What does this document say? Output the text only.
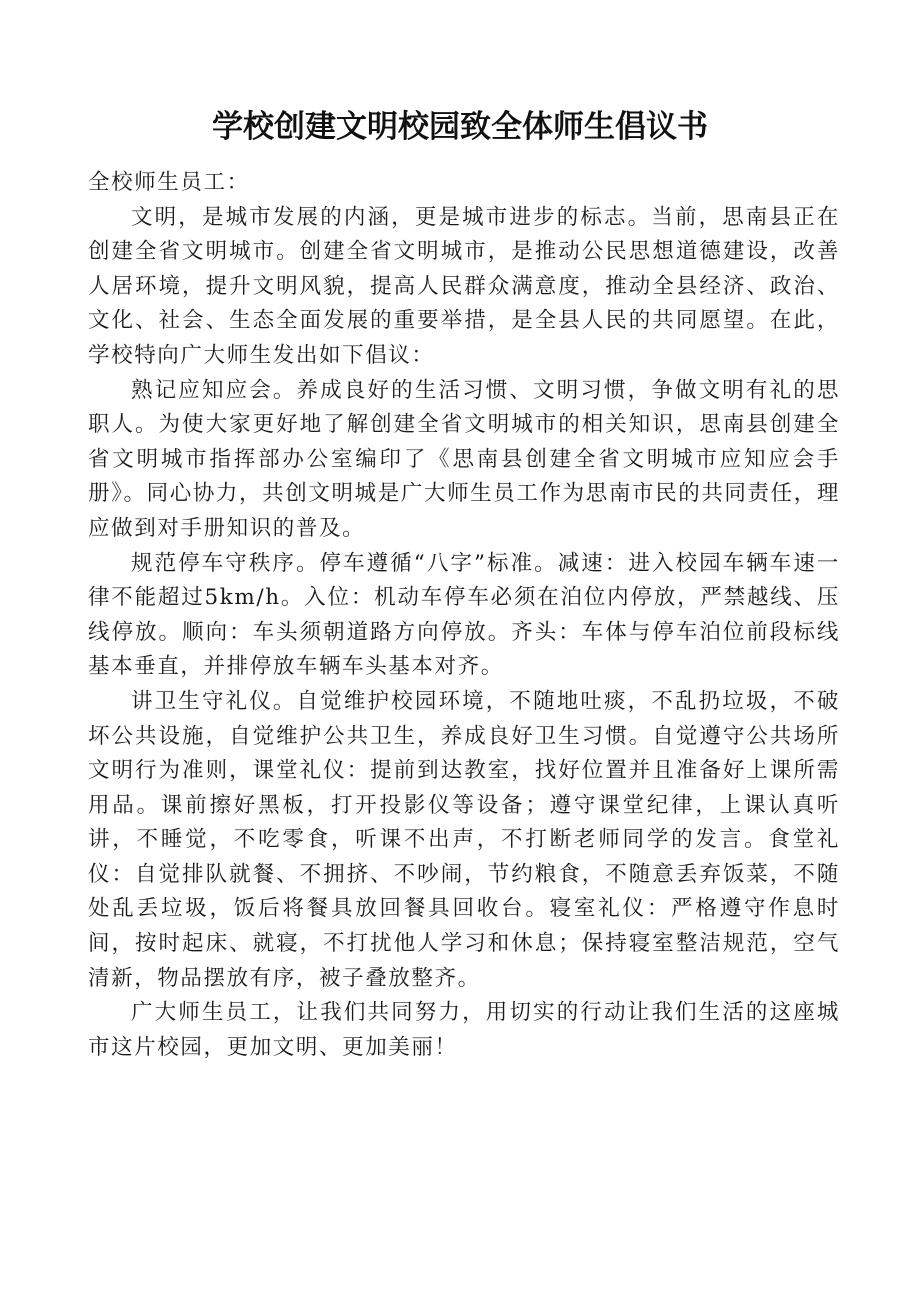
学校创建文明校园致全体师生倡议书

全校师生员工：

文明，是城市发展的内涵，更是城市进步的标志。当前，思南县正在创建全省文明城市。创建全省文明城市，是推动公民思想道德建设，改善人居环境，提升文明风貌，提高人民群众满意度，推动全县经济、政治、文化、社会、生态全面发展的重要举措，是全县人民的共同愿望。在此，学校特向广大师生发出如下倡议：

熟记应知应会。养成良好的生活习惯、文明习惯，争做文明有礼的思职人。为使大家更好地了解创建全省文明城市的相关知识，思南县创建全省文明城市指挥部办公室编印了《思南县创建全省文明城市应知应会手册》。同心协力，共创文明城是广大师生员工作为思南市民的共同责任，理应做到对手册知识的普及。

规范停车守秩序。停车遵循“八字”标准。减速：进入校园车辆车速一律不能超过5km/h。入位：机动车停车必须在泊位内停放，严禁越线、压线停放。顺向：车头须朝道路方向停放。齐头：车体与停车泊位前段标线基本垂直，并排停放车辆车头基本对齐。

讲卫生守礼仪。自觉维护校园环境，不随地吐痰，不乱扔垃圾，不破坏公共设施，自觉维护公共卫生，养成良好卫生习惯。自觉遵守公共场所文明行为准则，课堂礼仪：提前到达教室，找好位置并且准备好上课所需用品。课前擦好黑板，打开投影仪等设备；遵守课堂纪律，上课认真听讲，不睡觉，不吃零食，听课不出声，不打断老师同学的发言。食堂礼仪：自觉排队就餐、不拥挤、不吵闹，节约粮食，不随意丢弃饭菜，不随处乱丢垃圾，饭后将餐具放回餐具回收台。寝室礼仪：严格遵守作息时间，按时起床、就寝，不打扰他人学习和休息；保持寝室整洁规范，空气清新，物品摆放有序，被子叠放整齐。

广大师生员工，让我们共同努力，用切实的行动让我们生活的这座城市这片校园，更加文明、更加美丽！
